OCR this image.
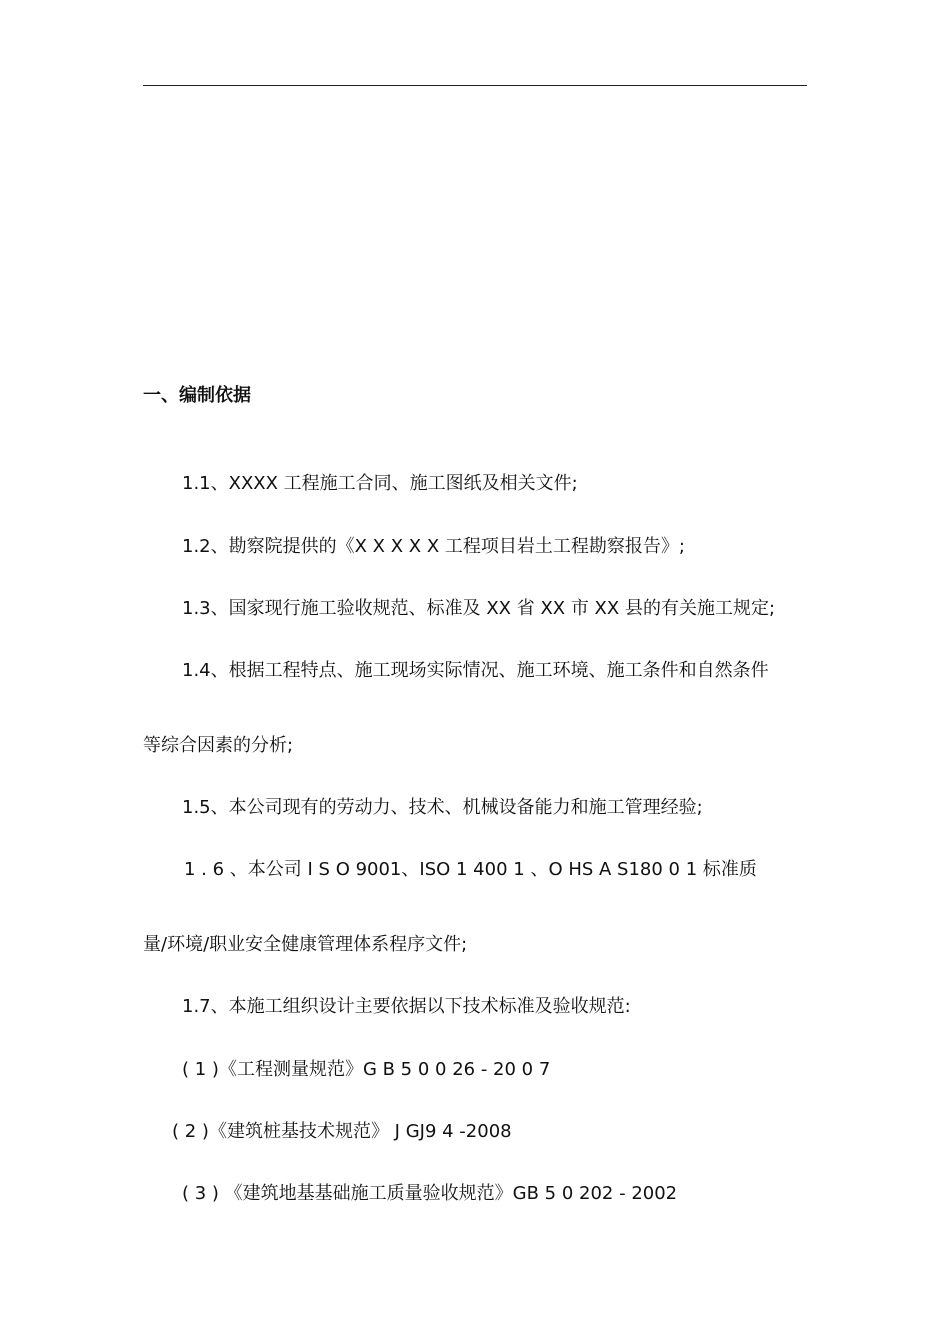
一、编制依据
1.1、XXXX 工程施工合同、施工图纸及相关文件;
1.2、勘察院提供的《X X X X X 工程项目岩土工程勘察报告》;
1.3、国家现行施工验收规范、标准及 XX 省 XX 市 XX 县的有关施工规定;
1.4、根据工程特点、施工现场实际情况、施工环境、施工条件和自然条件
等综合因素的分析;
1.5、本公司现有的劳动力、技术、机械设备能力和施工管理经验;
1 . 6 、本公司 I S O 9001、ISO 1 400 1 、O HS A S180 0 1 标准质
量/环境/职业安全健康管理体系程序文件;
1.7、本施工组织设计主要依据以下技术标准及验收规范:
( 1 )《工程测量规范》G B 5 0 0 26 - 20 0 7
( 2 )《建筑桩基技术规范》 J GJ9 4 -2008
( 3 ) 《建筑地基基础施工质量验收规范》GB 5 0 202 - 2002
